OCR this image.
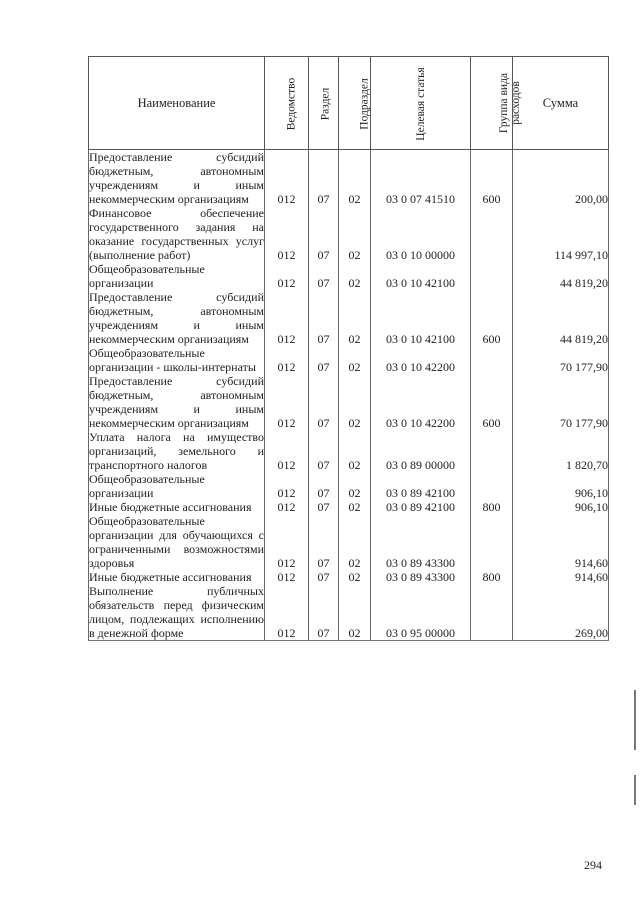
Наименование	Ведомство	Раздел	Подраздел	Целевая статья	Группа вида расходов	Сумма
Предоставление субсидий бюджетным, автономным учреждениям и иным некоммерческим организациям	012	07	02	03 0 07 41510	600	200,00
Финансовое обеспечение государственного задания на оказание государственных услуг (выполнение работ)	012	07	02	03 0 10 00000		114 997,10
Общеобразовательные организации	012	07	02	03 0 10 42100		44 819,20
Предоставление субсидий бюджетным, автономным учреждениям и иным некоммерческим организациям	012	07	02	03 0 10 42100	600	44 819,20
Общеобразовательные организации - школы-интернаты	012	07	02	03 0 10 42200		70 177,90
Предоставление субсидий бюджетным, автономным учреждениям и иным некоммерческим организациям	012	07	02	03 0 10 42200	600	70 177,90
Уплата налога на имущество организаций, земельного и транспортного налогов	012	07	02	03 0 89 00000		1 820,70
Общеобразовательные организации	012	07	02	03 0 89 42100		906,10
Иные бюджетные ассигнования	012	07	02	03 0 89 42100	800	906,10
Общеобразовательные организации для обучающихся с ограниченными возможностями здоровья	012	07	02	03 0 89 43300		914,60
Иные бюджетные ассигнования	012	07	02	03 0 89 43300	800	914,60
Выполнение публичных обязательств перед физическим лицом, подлежащих исполнению в денежной форме	012	07	02	03 0 95 00000		269,00
294
